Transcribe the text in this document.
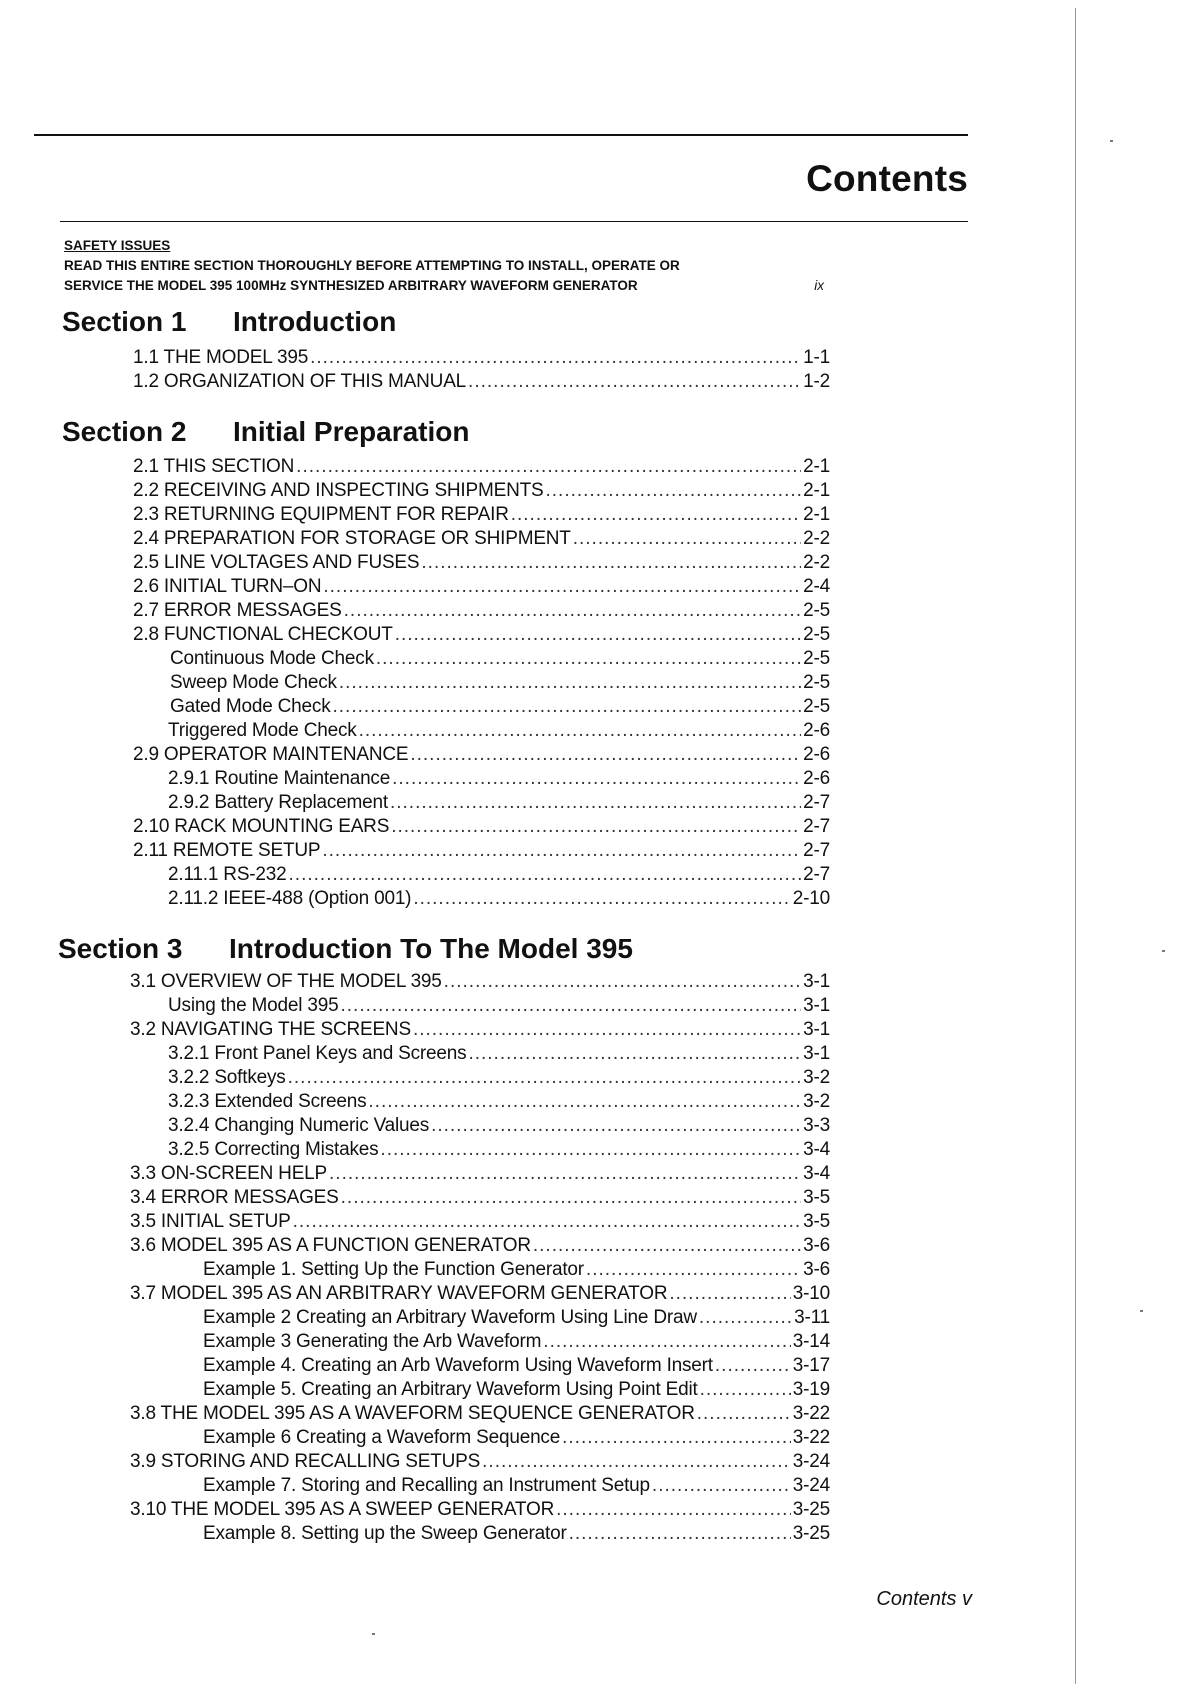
Contents
SAFETY ISSUES
READ THIS ENTIRE SECTION THOROUGHLY BEFORE ATTEMPTING TO INSTALL, OPERATE OR
SERVICE THE MODEL 395 100MHz SYNTHESIZED ARBITRARY WAVEFORM GENERATOR	ix
Section 1 Introduction
1.1 THE MODEL 395 .....	1-1
1.2 ORGANIZATION OF THIS MANUAL .....	1-2
Section 2 Initial Preparation
2.1 THIS SECTION .....	2-1
2.2 RECEIVING AND INSPECTING SHIPMENTS .....	2-1
2.3 RETURNING EQUIPMENT FOR REPAIR .....	2-1
2.4 PREPARATION FOR STORAGE OR SHIPMENT .....	2-2
2.5 LINE VOLTAGES AND FUSES .....	2-2
2.6 INITIAL TURN–ON .....	2-4
2.7 ERROR MESSAGES .....	2-5
2.8 FUNCTIONAL CHECKOUT .....	2-5
Continuous Mode Check .....	2-5
Sweep Mode Check .....	2-5
Gated Mode Check .....	2-5
Triggered Mode Check .....	2-6
2.9 OPERATOR MAINTENANCE .....	2-6
2.9.1 Routine Maintenance .....	2-6
2.9.2 Battery Replacement .....	2-7
2.10 RACK MOUNTING EARS .....	2-7
2.11 REMOTE SETUP .....	2-7
2.11.1 RS-232 .....	2-7
2.11.2 IEEE-488 (Option 001) .....	2-10
Section 3 Introduction To The Model 395
3.1 OVERVIEW OF THE MODEL 395 .....	3-1
Using the Model 395 .....	3-1
3.2 NAVIGATING THE SCREENS .....	3-1
3.2.1 Front Panel Keys and Screens .....	3-1
3.2.2 Softkeys .....	3-2
3.2.3 Extended Screens .....	3-2
3.2.4 Changing Numeric Values .....	3-3
3.2.5 Correcting Mistakes .....	3-4
3.3 ON-SCREEN HELP .....	3-4
3.4 ERROR MESSAGES .....	3-5
3.5 INITIAL SETUP .....	3-5
3.6 MODEL 395 AS A FUNCTION GENERATOR .....	3-6
Example 1. Setting Up the Function Generator .....	3-6
3.7 MODEL 395 AS AN ARBITRARY WAVEFORM GENERATOR .....	3-10
Example 2 Creating an Arbitrary Waveform Using Line Draw .....	3-11
Example 3 Generating the Arb Waveform .....	3-14
Example 4. Creating an Arb Waveform Using Waveform Insert .....	3-17
Example 5. Creating an Arbitrary Waveform Using Point Edit .....	3-19
3.8 THE MODEL 395 AS A WAVEFORM SEQUENCE GENERATOR .....	3-22
Example 6 Creating a Waveform Sequence .....	3-22
3.9 STORING AND RECALLING SETUPS .....	3-24
Example 7. Storing and Recalling an Instrument Setup .....	3-24
3.10 THE MODEL 395 AS A SWEEP GENERATOR .....	3-25
Example 8. Setting up the Sweep Generator .....	3-25
Contents v
